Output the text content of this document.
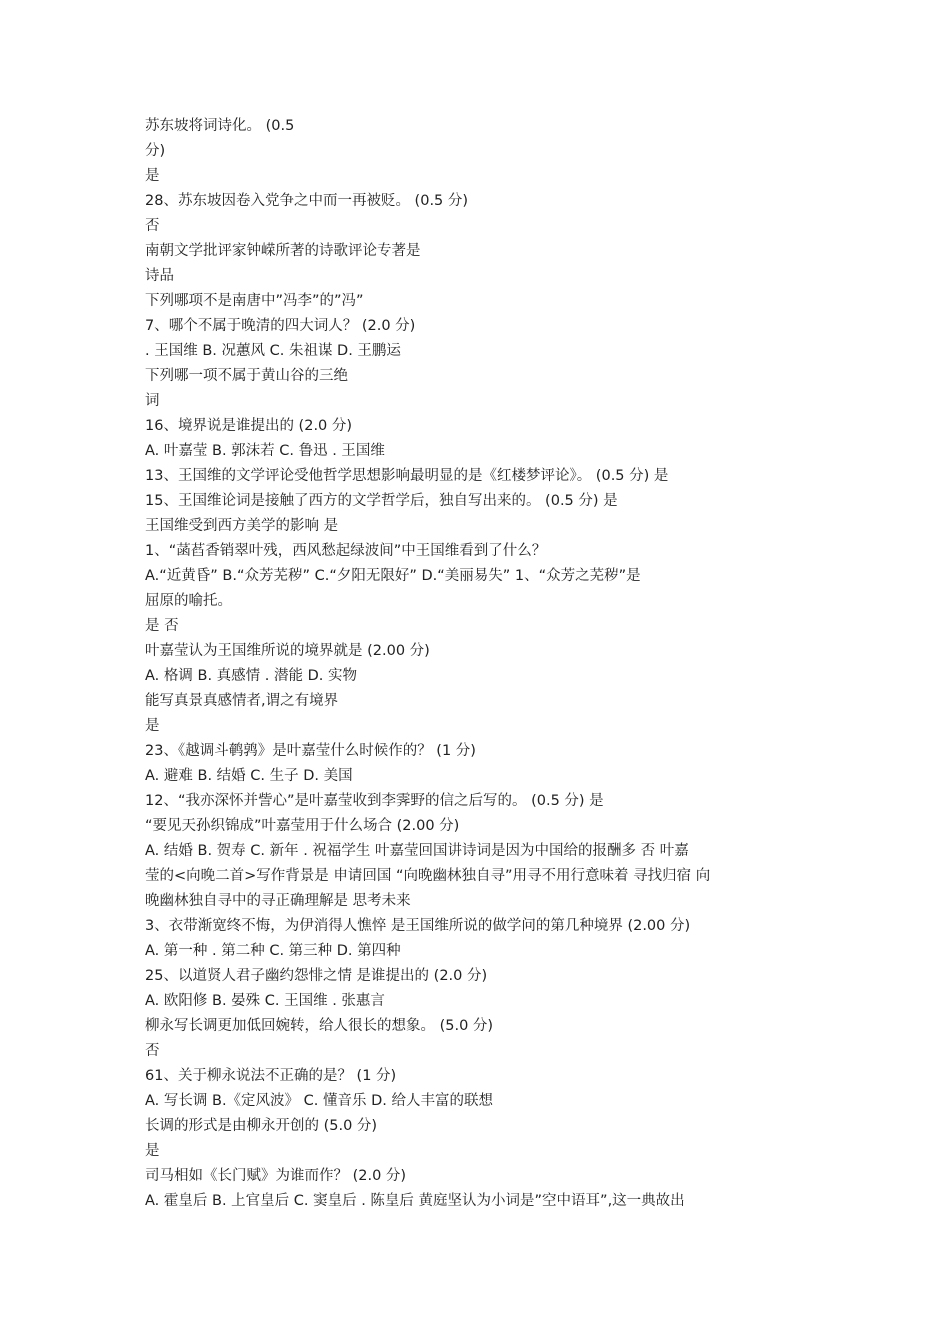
苏东坡将词诗化。 (0.5
分)
是
28、苏东坡因卷入党争之中而一再被贬。 (0.5 分)
否
南朝文学批评家钟嵘所著的诗歌评论专著是
诗品
下列哪项不是南唐中”冯李”的”冯”
7、哪个不属于晚清的四大词人？ (2.0 分)
. 王国维 B. 况蕙风 C. 朱祖谋 D. 王鹏运
下列哪一项不属于黄山谷的三绝
词
16、境界说是谁提出的 (2.0 分)
A. 叶嘉莹 B. 郭沫若 C. 鲁迅 . 王国维
13、王国维的文学评论受他哲学思想影响最明显的是《红楼梦评论》。 (0.5 分) 是
15、王国维论词是接触了西方的文学哲学后，独自写出来的。 (0.5 分) 是
王国维受到西方美学的影响 是
1、“菡萏香销翠叶残，西风愁起绿波间”中王国维看到了什么？
A.“近黄昏” B.“众芳芜秽” C.“夕阳无限好” D.“美丽易失” 1、“众芳之芜秽”是
屈原的喻托。
是 否
叶嘉莹认为王国维所说的境界就是 (2.00 分)
A. 格调 B. 真感情 . 潜能 D. 实物
能写真景真感情者,谓之有境界
是
23、《越调斗鹌鹑》是叶嘉莹什么时候作的？ (1 分)
A. 避难 B. 结婚 C. 生子 D. 美国
12、“我亦深怀并訾心”是叶嘉莹收到李霁野的信之后写的。 (0.5 分) 是
“要见天孙织锦成”叶嘉莹用于什么场合 (2.00 分)
A. 结婚 B. 贺寿 C. 新年 . 祝福学生 叶嘉莹回国讲诗词是因为中国给的报酬多 否 叶嘉
莹的<向晚二首>写作背景是 申请回国 “向晚幽林独自寻”用寻不用行意味着 寻找归宿 向
晚幽林独自寻中的寻正确理解是 思考未来
3、衣带渐宽终不悔，为伊消得人憔悴 是王国维所说的做学问的第几种境界 (2.00 分)
A. 第一种 . 第二种 C. 第三种 D. 第四种
25、以道贤人君子幽约怨悱之情 是谁提出的 (2.0 分)
A. 欧阳修 B. 晏殊 C. 王国维 . 张惠言
柳永写长调更加低回婉转，给人很长的想象。 (5.0 分)
否
61、关于柳永说法不正确的是？ (1 分)
A. 写长调 B.《定风波》 C. 懂音乐 D. 给人丰富的联想
长调的形式是由柳永开创的 (5.0 分)
是
司马相如《长门赋》为谁而作？ (2.0 分)
A. 霍皇后 B. 上官皇后 C. 窦皇后 . 陈皇后 黄庭坚认为小词是”空中语耳”,这一典故出
